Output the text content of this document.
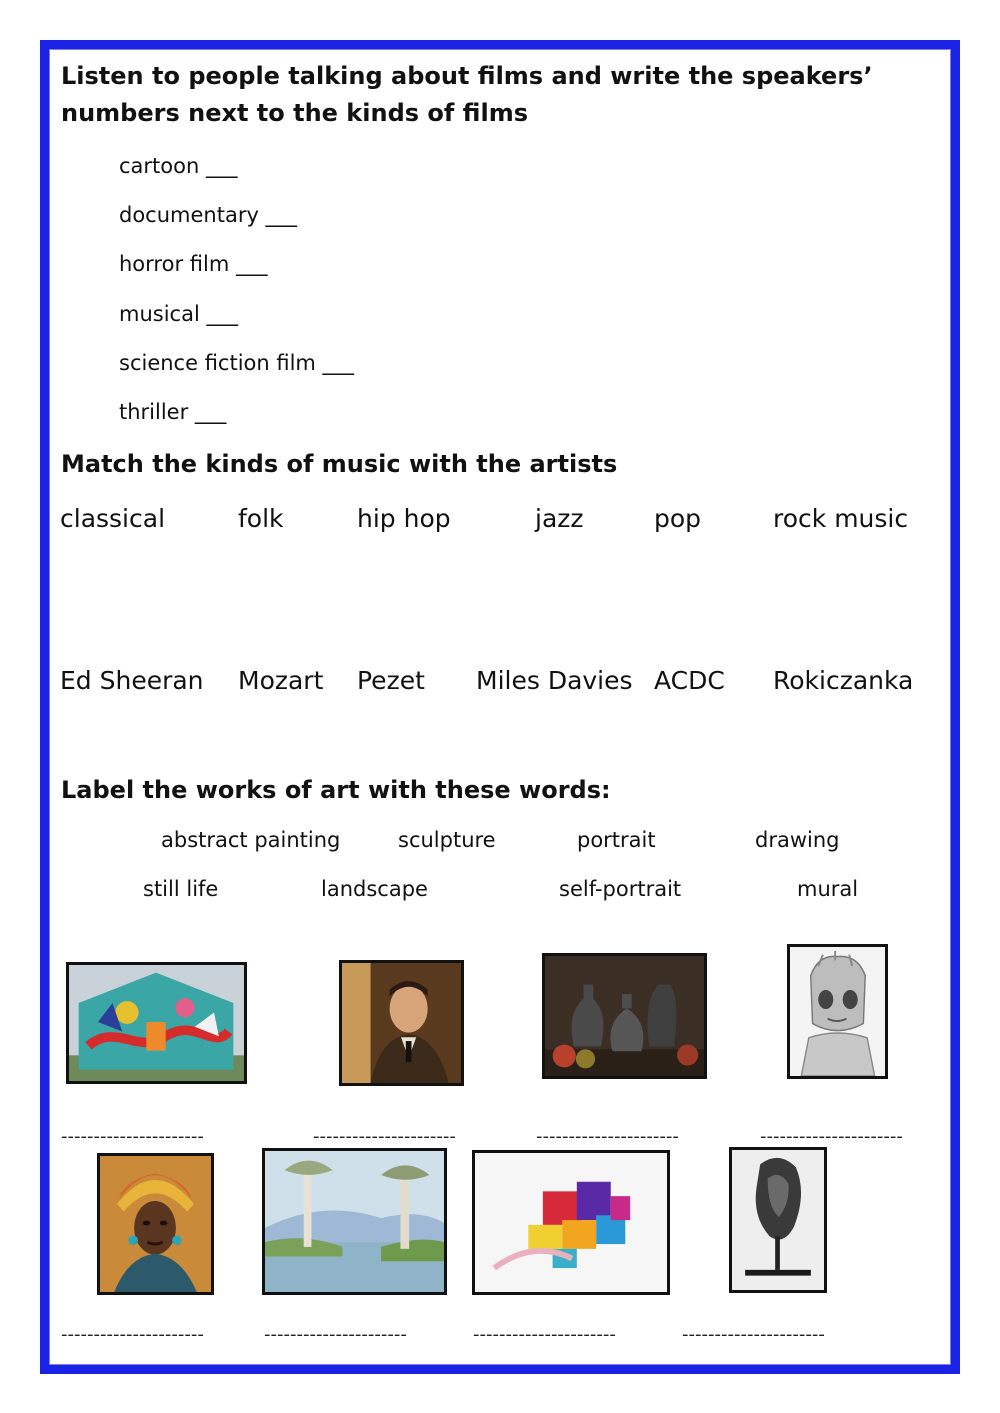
Listen to people talking about films and write the speakers’
numbers next to the kinds of films
cartoon ___
documentary ___
horror film ___
musical ___
science fiction film ___
thriller ___
Match the kinds of music with the artists
classical	folk	hip hop	jazz	pop	rock music
Ed Sheeran Mozart Pezet Miles Davies ACDC Rokiczanka
Label the works of art with these words:
abstract painting	sculpture	portrait	drawing
still life	landscape	self-portrait	mural
----------------------	----------------------	----------------------	----------------------
----------------------	----------------------	----------------------	----------------------
